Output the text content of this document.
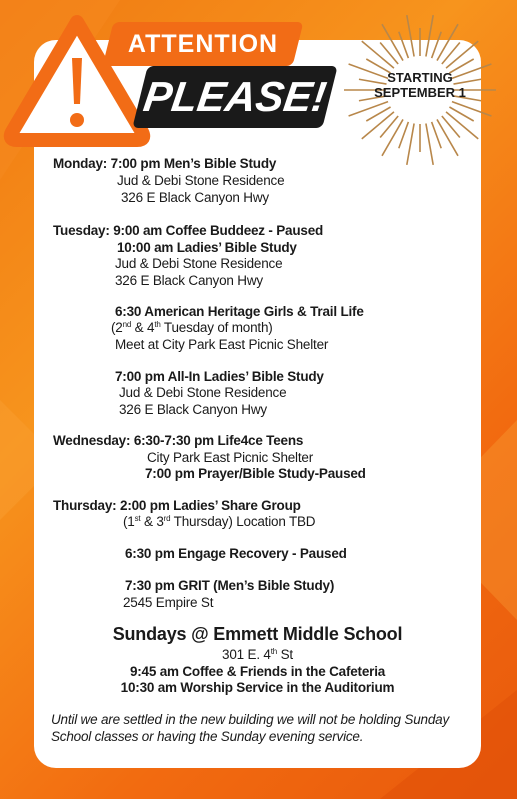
ATTENTION
PLEASE!	STARTING
SEPTEMBER 1
Monday: 7:00 pm Men’s Bible Study
Jud & Debi Stone Residence
326 E Black Canyon Hwy
Tuesday: 9:00 am Coffee Buddeez - Paused
10:00 am Ladies’ Bible Study
Jud & Debi Stone Residence
326 E Black Canyon Hwy
6:30 American Heritage Girls & Trail Life
(2nd & 4th Tuesday of month)
Meet at City Park East Picnic Shelter
7:00 pm All-In Ladies’ Bible Study
Jud & Debi Stone Residence
326 E Black Canyon Hwy
Wednesday: 6:30-7:30 pm Life4ce Teens
City Park East Picnic Shelter
7:00 pm Prayer/Bible Study-Paused
Thursday: 2:00 pm Ladies’ Share Group
(1st & 3rd Thursday) Location TBD
6:30 pm Engage Recovery - Paused
7:30 pm GRIT (Men’s Bible Study)
2545 Empire St
Sundays @ Emmett Middle School
301 E. 4th St
9:45 am Coffee & Friends in the Cafeteria
10:30 am Worship Service in the Auditorium
Until we are settled in the new building we will not be holding Sunday School classes or having the Sunday evening service.
